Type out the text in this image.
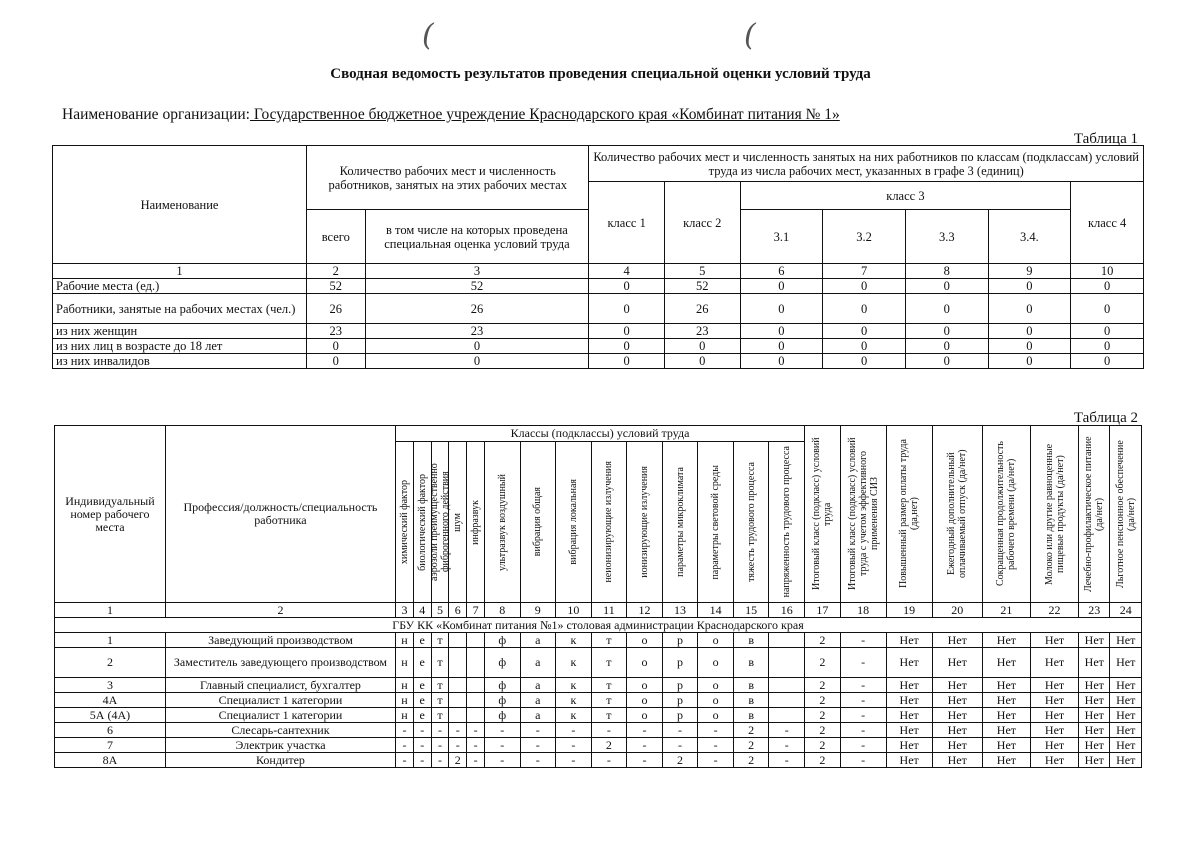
(	(
Сводная ведомость результатов проведения специальной оценки условий труда
Наименование организации: Государственное бюджетное учреждение Краснодарского края «Комбинат питания № 1»
Таблица 1
Наименование	Количество рабочих мест и численность работников, занятых на этих рабочих местах		Количество рабочих мест и численность занятых на них работников по классам (подклассам) условий труда из числа рабочих мест, указанных в графе 3 (единиц)						
			класс 1	класс 2	класс 3				класс 4
	всего	в том числе на которых проведена специальная оценка условий труда			3.1	3.2	3.3	3.4.	
1	2	3	4	5	6	7	8	9	10
Рабочие места (ед.)	52	52	0	52	0	0	0	0	0
Работники, занятые на рабочих местах (чел.)	26	26	0	26	0	0	0	0	0
из них женщин	23	23	0	23	0	0	0	0	0
из них лиц в возрасте до 18 лет	0	0	0	0	0	0	0	0	0
из них инвалидов	0	0	0	0	0	0	0	0	0
Таблица 2
Индивидуальный номер рабочего места	Профессия/должность/специальность работника	Классы (подклассы) условий труда														Итоговый класс (подкласс) условий труда	Итоговый класс (подкласс) условий труда с учетом эффективного применения СИЗ	Повышенный размер оплаты труда (да,нет)	Ежегодный дополнительный оплачиваемый отпуск (да/нет)	Сокращенная продолжительность рабочего времени (да/нет)	Молоко или другие равноценные пищевые продукты (да/нет)	Лечебно-профилактическое питание (да/нет)	Льготное пенсионное обеспечение (да/нет)

		химический фактор	биологический фактор	аэрозоли преимущественно фиброгенного действия	шум	инфразвук	ультразвук воздушный	вибрация общая	вибрация локальная	неионизирующие излучения	ионизирующие излучения	параметры микроклимата	параметры световой среды	тяжесть трудового процесса	напряженность трудового процесса								

1	2	3	4	5	6	7	8	9	10	11	12	13	14	15	16	17	18	19	20	21	22	23	24
ГБУ КК «Комбинат питания №1» столовая администрации Краснодарского края																							
1	Заведующий производством	н	е	т			ф	а	к	т	о	р	о	в		2	-	Нет	Нет	Нет	Нет	Нет	Нет
2	Заместитель заведующего производством	н	е	т			ф	а	к	т	о	р	о	в		2	-	Нет	Нет	Нет	Нет	Нет	Нет
3	Главный специалист, бухгалтер	н	е	т			ф	а	к	т	о	р	о	в		2	-	Нет	Нет	Нет	Нет	Нет	Нет
4А	Специалист 1 категории	н	е	т			ф	а	к	т	о	р	о	в		2	-	Нет	Нет	Нет	Нет	Нет	Нет
5А (4А)	Специалист 1 категории	н	е	т			ф	а	к	т	о	р	о	в		2	-	Нет	Нет	Нет	Нет	Нет	Нет
6	Слесарь-сантехник	-	-	-	-	-	-	-	-	-	-	-	-	2	-	2	-	Нет	Нет	Нет	Нет	Нет	Нет
7	Электрик участка	-	-	-	-	-	-	-	-	2	-	-	-	2	-	2	-	Нет	Нет	Нет	Нет	Нет	Нет
8А	Кондитер	-	-	-	2	-	-	-	-	-	-	2	-	2	-	2	-	Нет	Нет	Нет	Нет	Нет	Нет
